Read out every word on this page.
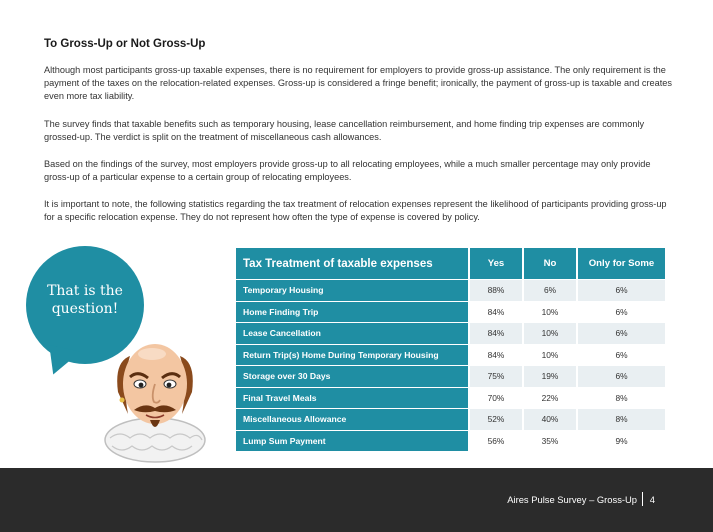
To Gross-Up or Not Gross-Up

Although most participants gross-up taxable expenses, there is no requirement for employers to provide gross-up assistance. The only requirement is the payment of the taxes on the relocation-related expenses. Gross-up is considered a fringe benefit; ironically, the payment of gross-up is taxable and creates even more tax liability.

The survey finds that taxable benefits such as temporary housing, lease cancellation reimbursement, and home finding trip expenses are commonly grossed-up. The verdict is split on the treatment of miscellaneous cash allowances.

Based on the findings of the survey, most employers provide gross-up to all relocating employees, while a much smaller percentage may only provide gross-up of a particular expense to a certain group of relocating employees.

It is important to note, the following statistics regarding the tax treatment of relocation expenses represent the likelihood of participants providing gross-up for a specific relocation expense. They do not represent how often the type of expense is covered by policy.

That is the
question!
Tax Treatment of taxable expenses	Yes	No	Only for Some
Temporary Housing	88%	6%	6%
Home Finding Trip	84%	10%	6%
Lease Cancellation	84%	10%	6%
Return Trip(s) Home During Temporary Housing	84%	10%	6%
Storage over 30 Days	75%	19%	6%
Final Travel Meals	70%	22%	8%
Miscellaneous Allowance	52%	40%	8%
Lump Sum Payment	56%	35%	9%
Aires Pulse Survey – Gross-Up 4
